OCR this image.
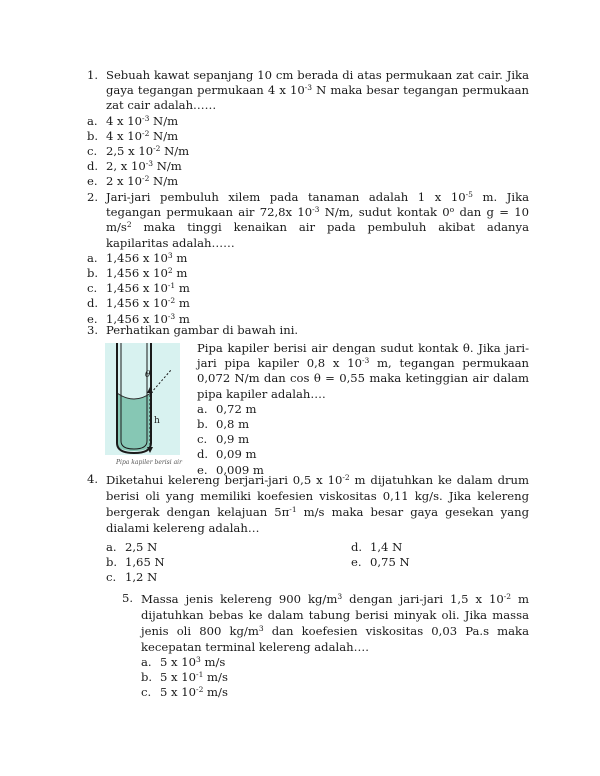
1. Sebuah kawat sepanjang 10 cm berada di atas permukaan zat cair. Jika gaya tegangan permukaan 4 x $10^{-3}$ N maka besar tegangan permukaan zat cair adalah……
a. 4 x $10^{-3}$ N/m
b. 4 x $10^{-2}$ N/m
c. 2,5 x $10^{-2}$ N/m
d. 2, x $10^{-3}$ N/m
e. 2 x $10^{-2}$ N/m
2. Jari-jari pembuluh xilem pada tanaman adalah 1 x $10^{-5}$ m. Jika tegangan permukaan air 72,8x $10^{-3}$ N/m, sudut kontak 0$^o$ dan g = 10 $m/s^2$ maka tinggi kenaikan air pada pembuluh akibat adanya kapilaritas adalah……
a. 1,456 x $10^3$ m
b. 1,456 x $10^2$ m
c. 1,456 x $10^{-1}$ m
d. 1,456 x $10^{-2}$ m
e. 1,456 x $10^{-3}$ m
3. Perhatikan gambar di bawah ini.
θ
h
Pipa kapiler berisi air
Pipa kapiler berisi air dengan sudut kontak θ. Jika jari-jari pipa kapiler 0,8 x $10^{-3}$ m, tegangan permukaan 0,072 N/m dan cos θ = 0,55 maka ketinggian air dalam pipa kapiler adalah….
a. 0,72 m
b. 0,8 m
c. 0,9 m
d. 0,09 m
e. 0,009 m
4. Diketahui kelereng berjari-jari 0,5 x $10^{-2}$ m dijatuhkan ke dalam drum berisi oli yang memiliki koefesien viskositas 0,11 kg/s. Jika kelereng bergerak dengan kelajuan $5\pi^{-1}$ m/s maka besar gaya gesekan yang dialami kelereng adalah…
a. 2,5 N	d. 1,4 N
b. 1,65 N	e. 0,75 N
c. 1,2 N
5. Massa jenis kelereng 900 $kg/m^3$ dengan jari-jari 1,5 x $10^{-2}$ m dijatuhkan bebas ke dalam tabung berisi minyak oli. Jika massa jenis oli 800 $kg/m^3$ dan koefesien viskositas 0,03 Pa.s maka kecepatan terminal kelereng adalah….
a. 5 x $10^3$ m/s
b. 5 x $10^{-1}$ m/s
c. 5 x $10^{-2}$ m/s
